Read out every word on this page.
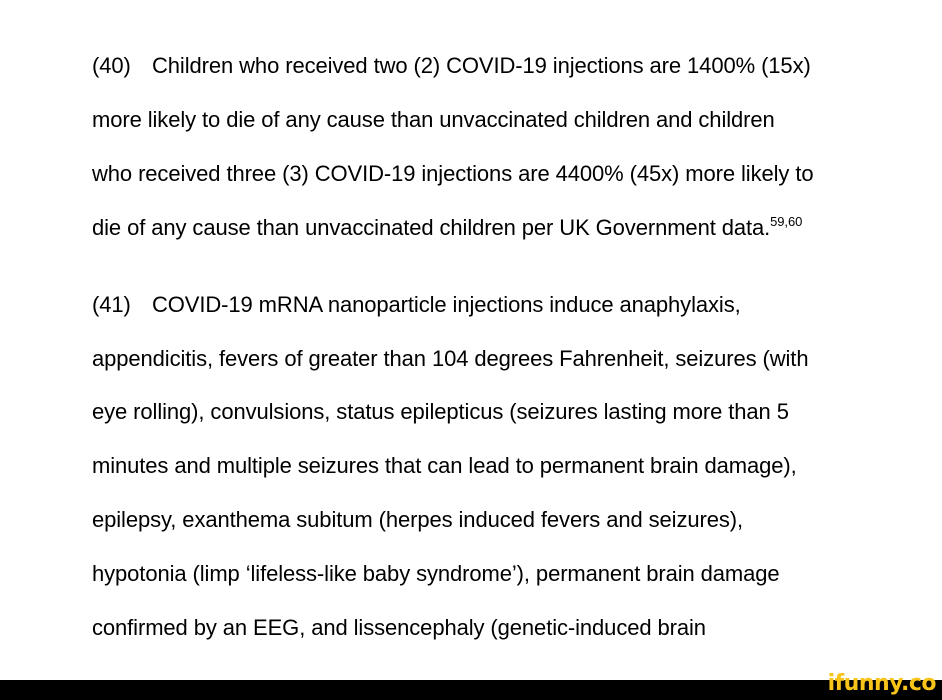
(40) Children who received two (2) COVID-19 injections are 1400% (15x)
more likely to die of any cause than unvaccinated children and children
who received three (3) COVID-19 injections are 4400% (45x) more likely to
die of any cause than unvaccinated children per UK Government data.$^{59,60}$
(41) COVID-19 mRNA nanoparticle injections induce anaphylaxis,
appendicitis, fevers of greater than 104 degrees Fahrenheit, seizures (with
eye rolling), convulsions, status epilepticus (seizures lasting more than 5
minutes and multiple seizures that can lead to permanent brain damage),
epilepsy, exanthema subitum (herpes induced fevers and seizures),
hypotonia (limp ‘lifeless-like baby syndrome’), permanent brain damage
confirmed by an EEG, and lissencephaly (genetic-induced brain
ifunny.co
